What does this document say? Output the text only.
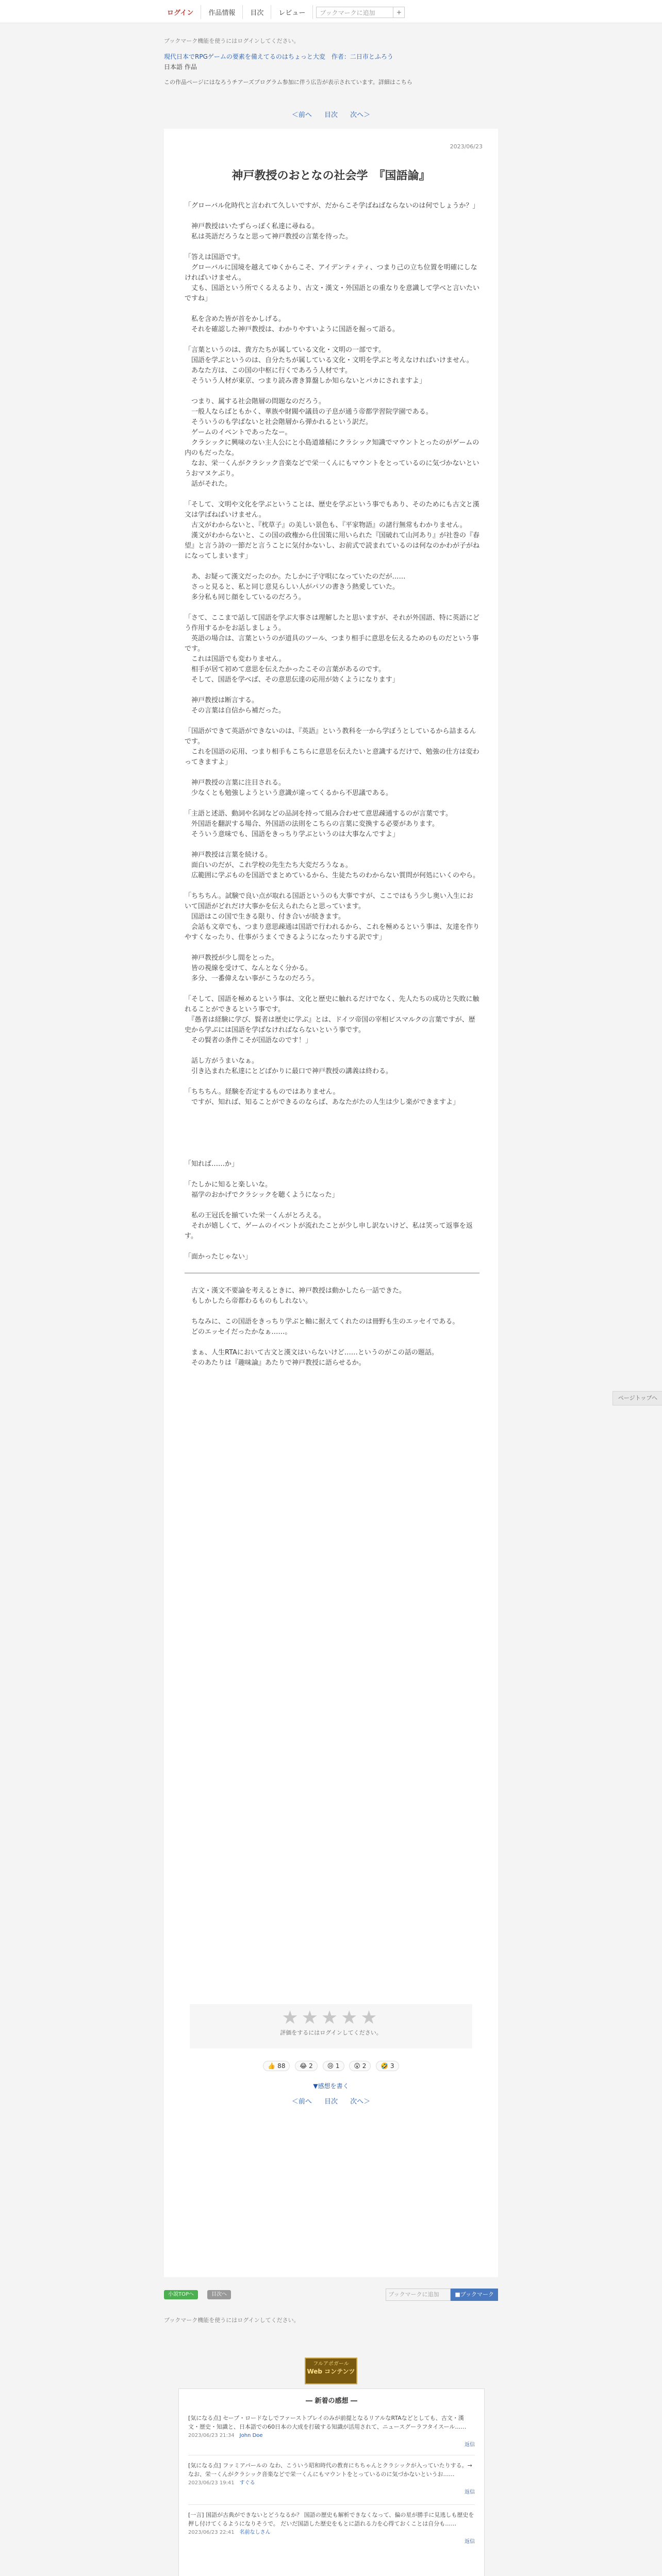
ログイン	作品情報	目次	レビュー	ブックマークに追加	+
ブックマーク機能を使うにはログインしてください。
現代日本でRPGゲームの要素を備えてるのはちょっと大変　作者：二日市とふろう
日本語 作品
この作品ページにはなろうチアーズプログラム参加に伴う広告が表示されています。詳細はこちら
＜前へ 目次 次へ＞
2023/06/23
神戸教授のおとなの社会学　『国語論』

「グローバル化時代と言われて久しいですが、だからこそ学ばねばならないのは何でしょうか？」

　神戸教授はいたずらっぽく私達に尋ねる。
　私は英語だろうなと思って神戸教授の言葉を待った。

「答えは国語です。
　グローバルに国境を越えてゆくからこそ、アイデンティティ、つまり己の立ち位置を明確にしなければいけません。
　丈も、国語という所でくるえるより、古文・漢文・外国語との重なりを意識して学べと言いたいですね」

　私を含めた皆が首をかしげる。
　それを確認した神戸教授は、わかりやすいように国語を掘って語る。

「言葉というのは、貴方たちが属している文化・文明の一部です。
　国語を学ぶというのは、自分たちが属している文化・文明を学ぶと考えなければいけません。
　あなた方は、この国の中枢に行くであろう人材です。
　そういう人材が東京、つまり読み書き算盤しか知らないとパカにされますよ」

　つまり、属する社会階層の問題なのだろう。
　一般人ならばともかく、華族や財閥や議員の子息が通う帝都学習院学園である。
　そういうのも学ばないと社会階層から弾かれるという訳だ。
　ゲームのイベントであったなー。
　クラシックに興味のない主人公にと小島道雄稲にクラシック知識でマウントとったのがゲームの内のもだったな。
　なお、栄一くんがクラシック音楽などで栄一くんにもマウントをとっているのに気づかないというおマヌケぶり。
　話がそれた。

「そして、文明や文化を学ぶということは、歴史を学ぶという事でもあり、そのためにも古文と漢文は学ばねばいけません。
　古文がわからないと、『枕草子』の美しい景色も、『平家物語』の諸行無常もわかりません。
　漢文がわからないと、この国の政権から仕国策に用いられた『国破れて山河あり』が社巻の『春望』と言う詩の一節だと言うことに気付かないし、お前式で読まれているのは何なのかわが子がねになってしまいます」

　あ、お疑って漢文だったのか。たしかに子守唄になっていたのだが……
　さっと見ると、私と同じ意見らしい人がパソの書きう熱愛していた。
　多分私も同じ顔をしているのだろう。

「さて、ここまで話して国語を学ぶ大事さは理解したと思いますが、それが外国語、特に英語にどう作用するかをお話しましょう。
　英語の場合は、言葉というのが道具のツール、つまり相手に意思を伝えるためのものだという事です。
　これは国語でも変わりません。
　相手が居て初めて意思を伝えたかったこその言葉があるのです。
　そして、国語を学べば、その意思伝達の応用が効くようになります」

　神戸教授は断言する。
　その言葉は自信から補だった。

「国語ができて英語ができないのは、『英語』という教科を一から学ぼうとしているから詰まるんです。
　これを国語の応用、つまり相手もこちらに意思を伝えたいと意識するだけで、勉強の仕方は変わってきますよ」

　神戸教授の言葉に注目される。
　少なくとも勉強しようという意識が違ってくるから不思議である。

「主語と述語、動詞や名詞などの品詞を持って組み合わせて意思疎通するのが言葉です。
　外国語を翻訳する場合、外国語の法則をこちらの言葉に変換する必要があります。
　そういう意味でも、国語をきっちり学ぶというのは大事なんですよ」

　神戸教授は言葉を続ける。
　面白いのだが、これ学校の先生たち大変だろうなぁ。
　広範囲に学ぶものを国語でまとめているから、生徒たちのわからない質問が何処にいくのやら。

「ちちちん。試験で良い点が取れる国語というのも大事ですが、ここではもう少し奥い入生において国語がどれだけ大事かを伝えられたらと思っています。
　国語はこの国で生きる限り、付き合いが続きます。
　会話も文章でも、つまり意思疎通は国語で行われるから、これを極めるという事は、友達を作りやすくなったり、仕事がうまくできるようになったりする訳です」

　神戸教授が少し間をとった。
　皆の視線を受けて、なんとなく分かる。
　多分、一番偉えない事がこうなのだろう。

「そして、国語を極めるという事は、文化と歴史に触れるだけでなく、先人たちの成功と失敗に触れることができるという事です。
　『愚者は経験に学び、賢者は歴史に学ぶ』とは、ドイツ帝国の宰相ビスマルクの言葉ですが、歴史から学ぶには国語を学ばなければならないという事です。
　その賢者の条件こそが国語なのです！」

　話し方がうまいなぁ。
　引き込まれた私達にとどばかりに最口で神戸教授の講義は終わる。

「ちちちん。経験を否定するものではありません。
　ですが、知れば、知ることができるのならば、あなたがたの人生は少し楽ができますよ」

「知れば……か」

「たしかに知ると楽しいな。
　福学のおかげでクラシックを聴くようになった」

　私の王冠氏を揃ていた栄一くんがとろえる。
　それが嬉しくて、ゲームのイベントが流れたことが少し申し訳ないけど、私は笑って返事を返す。

「面かったじゃない」

　古文・漢文不要論を考えるときに、神戸教授は動かしたら一話できた。
　もしかしたら帝都わるものもしれない。

　ちなみに、この国語をきっちり学ぶと軸に据えてくれたのは冊野も生のエッセイである。
　どのエッセイだったかなぁ……。

　まぁ、人生RTAにおいて古文と漢文はいらないけど……というのがこの話の題話。
　そのあたりは『趣味論』あたりで神戸教授に語らせるか。

★★★★★
評価をするにはログインしてください。
👍 88 😂 2 😢 1 😮 2 🤣 3
▼感想を書く
＜前へ 目次 次へ＞
ページトップへ
小説TOPへ	目次へ	ブックマークに追加	■ブックマーク
ブックマーク機能を使うにはログインしてください。
フルアポガール
Web コンテンツ
― 新着の感想 ―
[気になる点] セーブ・ロードなしでファーストプレイのみが前提となるリアルなRTAなどとしても、古文・漢文・歴史・知識と、日本語での60日本の大成を打破する知識が活用されて、ニュースグーラフタイスール……
2023/06/23 21:34　 John Doe
返信
[気になる点] ファミアパールの なわ、こういう昭和時代の教育にちちゃんとクラシックが入っていたりする。→ なお、栄一くんがクラシック音楽などで栄一くんにもマウントをとっているのに気づかないというお……
2023/06/23 19:41　 すぐる
返信
[一言] 国語が古典ができないとどうなるか？ 国語の歴史も解析できなくなって、偏の星が勝手に見逃しも歴史を押し付けてくるようになりそうで。 だいだ国語した歴史をもとに語れる力を心得ておくことは自分も……
2023/06/23 22:41　 名前なしさん
返信
